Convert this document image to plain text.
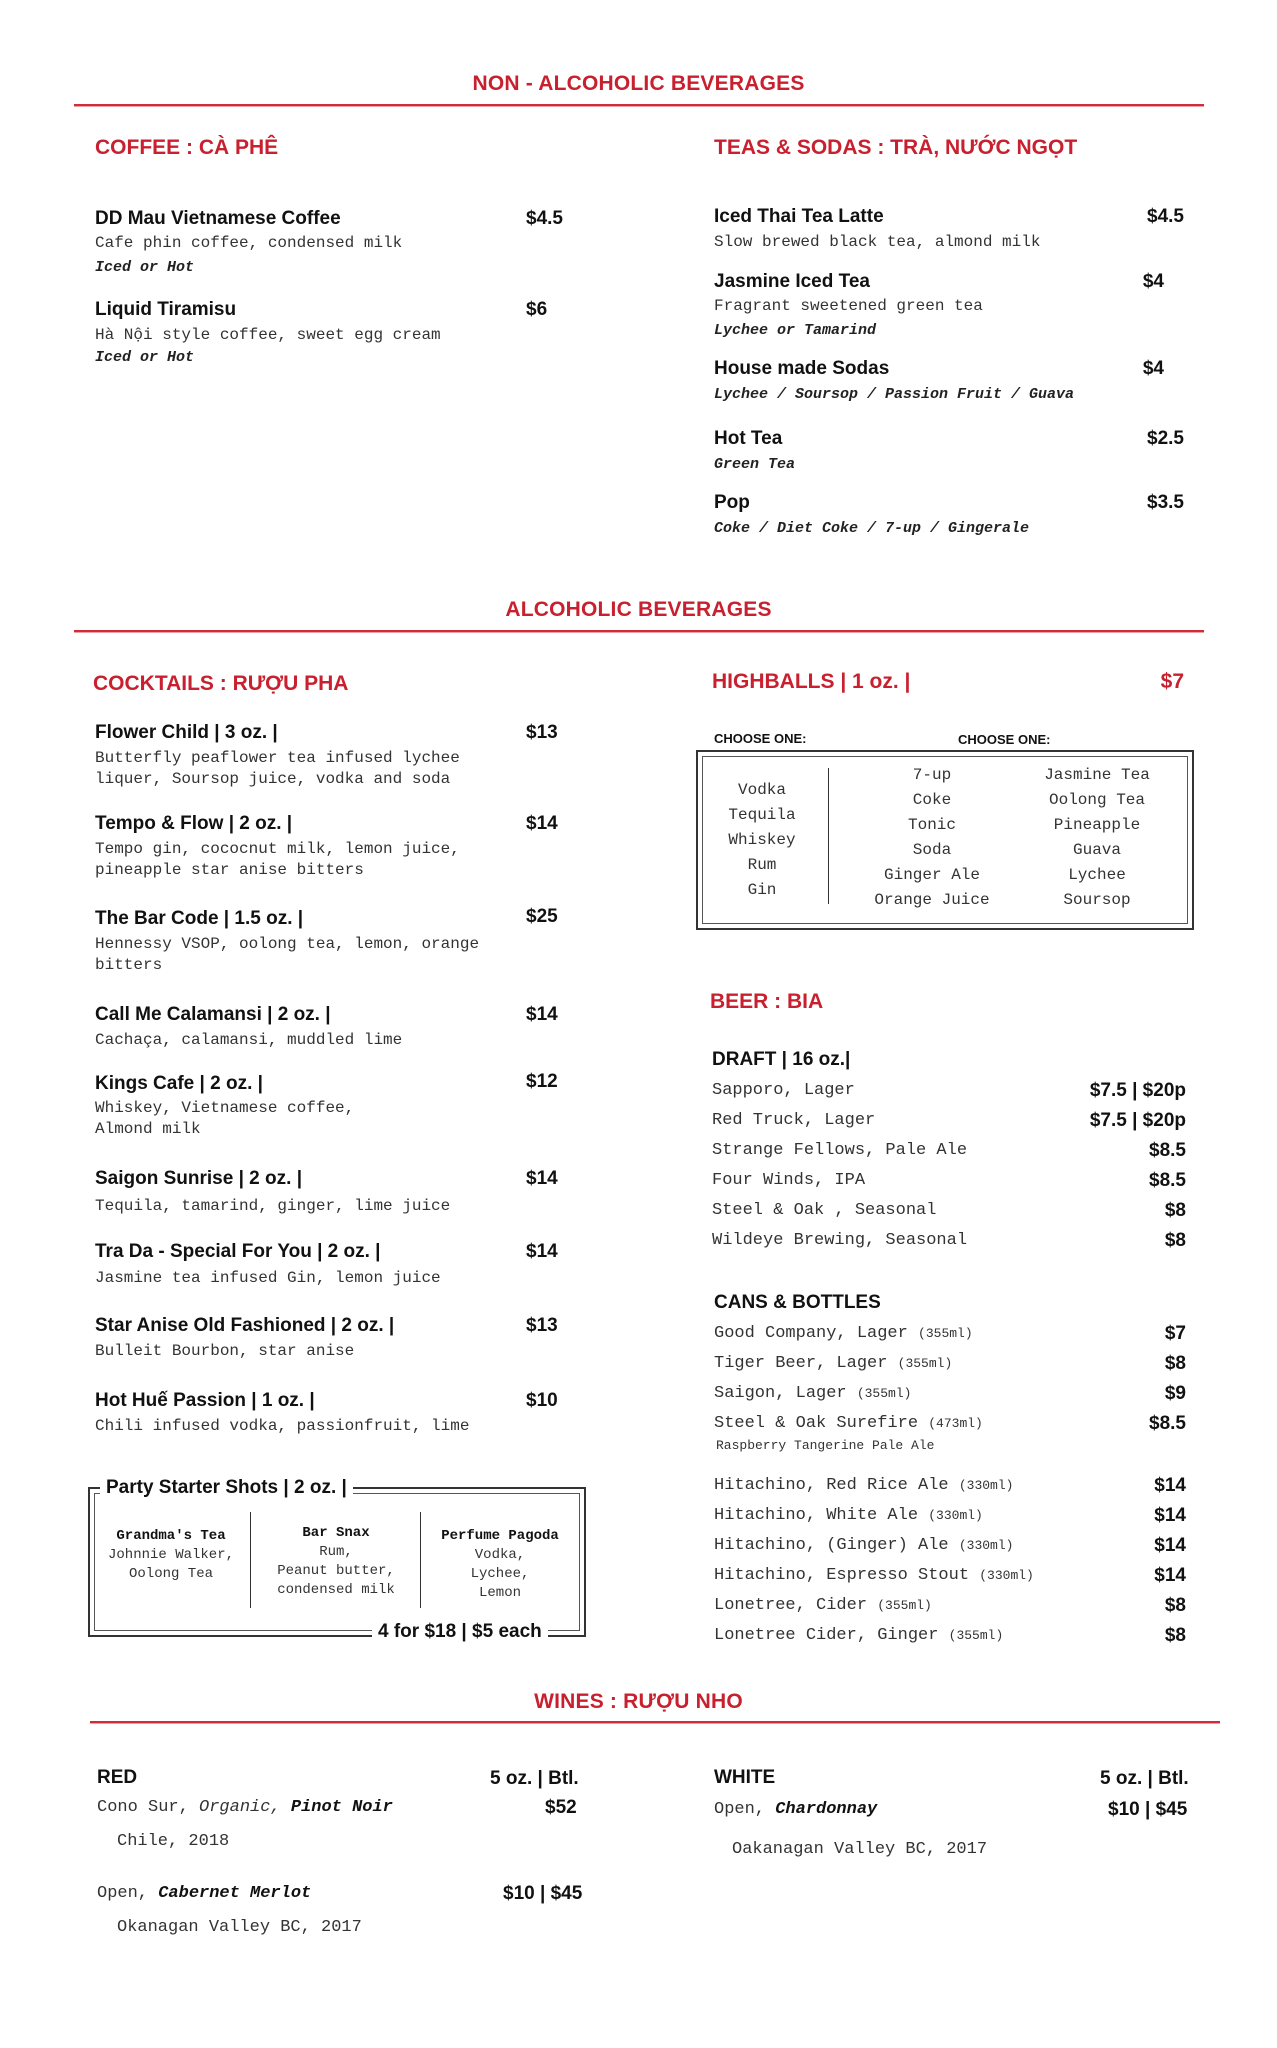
NON - ALCOHOLIC BEVERAGES
COFFEE : CÀ PHÊ
DD Mau Vietnamese Coffee	$4.5
Cafe phin coffee, condensed milk
Iced or Hot
Liquid Tiramisu	$6
Hà Nội style coffee, sweet egg cream
Iced or Hot
TEAS & SODAS : TRÀ, NƯỚC NGỌT
Iced Thai Tea Latte	$4.5
Slow brewed black tea, almond milk
Jasmine Iced Tea	$4
Fragrant sweetened green tea
Lychee or Tamarind
House made Sodas	$4
Lychee / Soursop / Passion Fruit / Guava
Hot Tea	$2.5
Green Tea
Pop	$3.5
Coke / Diet Coke / 7-up / Gingerale
ALCOHOLIC BEVERAGES
COCKTAILS : RƯỢU PHA
Flower Child | 3 oz. |	$13
Butterfly peaflower tea infused lychee
liquer, Soursop juice, vodka and soda
Tempo & Flow | 2 oz. |	$14
Tempo gin, cococnut milk, lemon juice,
pineapple star anise bitters
The Bar Code | 1.5 oz. |	$25
Hennessy VSOP, oolong tea, lemon, orange
bitters
Call Me Calamansi | 2 oz. |	$14
Cachaça, calamansi, muddled lime
Kings Cafe | 2 oz. |	$12
Whiskey, Vietnamese coffee,
Almond milk
Saigon Sunrise | 2 oz. |	$14
Tequila, tamarind, ginger, lime juice
Tra Da - Special For You | 2 oz. |	$14
Jasmine tea infused Gin, lemon juice
Star Anise Old Fashioned | 2 oz. |	$13
Bulleit Bourbon, star anise
Hot Huế Passion | 1 oz. |	$10
Chili infused vodka, passionfruit, lime
Party Starter Shots | 2 oz. |
Grandma's Tea
Johnnie Walker,
Oolong Tea
Bar Snax
Rum,
Peanut butter,
condensed milk
Perfume Pagoda
Vodka,
Lychee,
Lemon
4 for $18 | $5 each
HIGHBALLS | 1 oz. |	$7
CHOOSE ONE:	CHOOSE ONE:
Vodka
Tequila
Whiskey
Rum
Gin
7-up
Coke
Tonic
Soda
Ginger Ale
Orange Juice
Jasmine Tea
Oolong Tea
Pineapple
Guava
Lychee
Soursop
BEER : BIA
DRAFT | 16 oz.|
Sapporo, Lager	$7.5 | $20p
Red Truck, Lager	$7.5 | $20p
Strange Fellows, Pale Ale	$8.5
Four Winds, IPA	$8.5
Steel & Oak , Seasonal	$8
Wildeye Brewing, Seasonal	$8
CANS & BOTTLES
Good Company, Lager (355ml)	$7
Tiger Beer, Lager (355ml)	$8
Saigon, Lager (355ml)	$9
Steel & Oak Surefire (473ml)	$8.5
Raspberry Tangerine Pale Ale
Hitachino, Red Rice Ale (330ml)	$14
Hitachino, White Ale (330ml)	$14
Hitachino, (Ginger) Ale (330ml)	$14
Hitachino, Espresso Stout (330ml)	$14
Lonetree, Cider (355ml)	$8
Lonetree Cider, Ginger (355ml)	$8
WINES : RƯỢU NHO
RED	5 oz. | Btl.
Cono Sur, Organic, Pinot Noir	$52
Chile, 2018
Open, Cabernet Merlot	$10 | $45
Okanagan Valley BC, 2017
WHITE	5 oz. | Btl.
Open, Chardonnay	$10 | $45
Oakanagan Valley BC, 2017
